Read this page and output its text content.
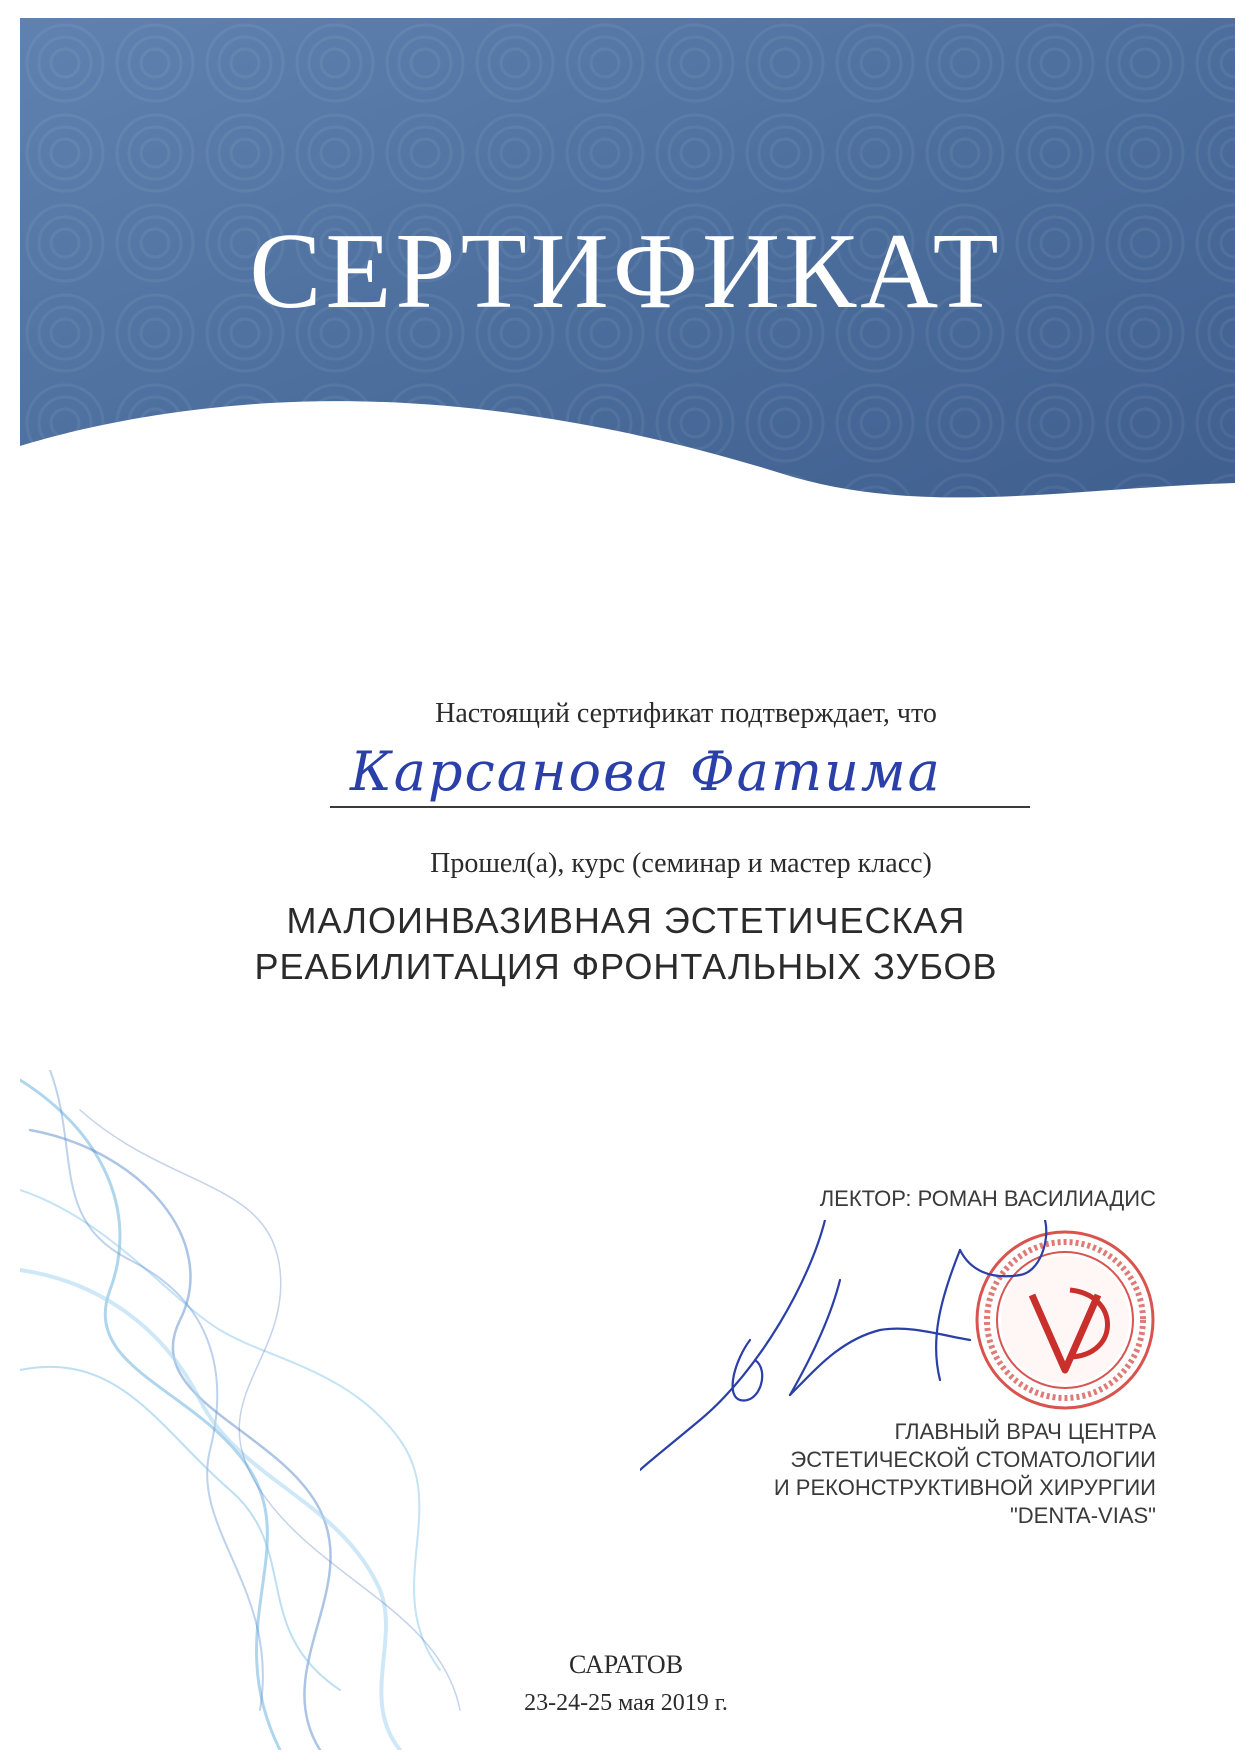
СЕРТИФИКАТ
Настоящий сертификат подтверждает, что
Карсанова Фатима
Прошел(а), курс (семинар и мастер класс)
МАЛОИНВАЗИВНАЯ ЭСТЕТИЧЕСКАЯ
РЕАБИЛИТАЦИЯ ФРОНТАЛЬНЫХ ЗУБОВ
ЛЕКТОР: РОМАН ВАСИЛИАДИС
ГЛАВНЫЙ ВРАЧ ЦЕНТРА
ЭСТЕТИЧЕСКОЙ СТОМАТОЛОГИИ
И РЕКОНСТРУКТИВНОЙ ХИРУРГИИ
"DENTA-VIAS"
САРАТОВ
23-24-25 мая 2019 г.
